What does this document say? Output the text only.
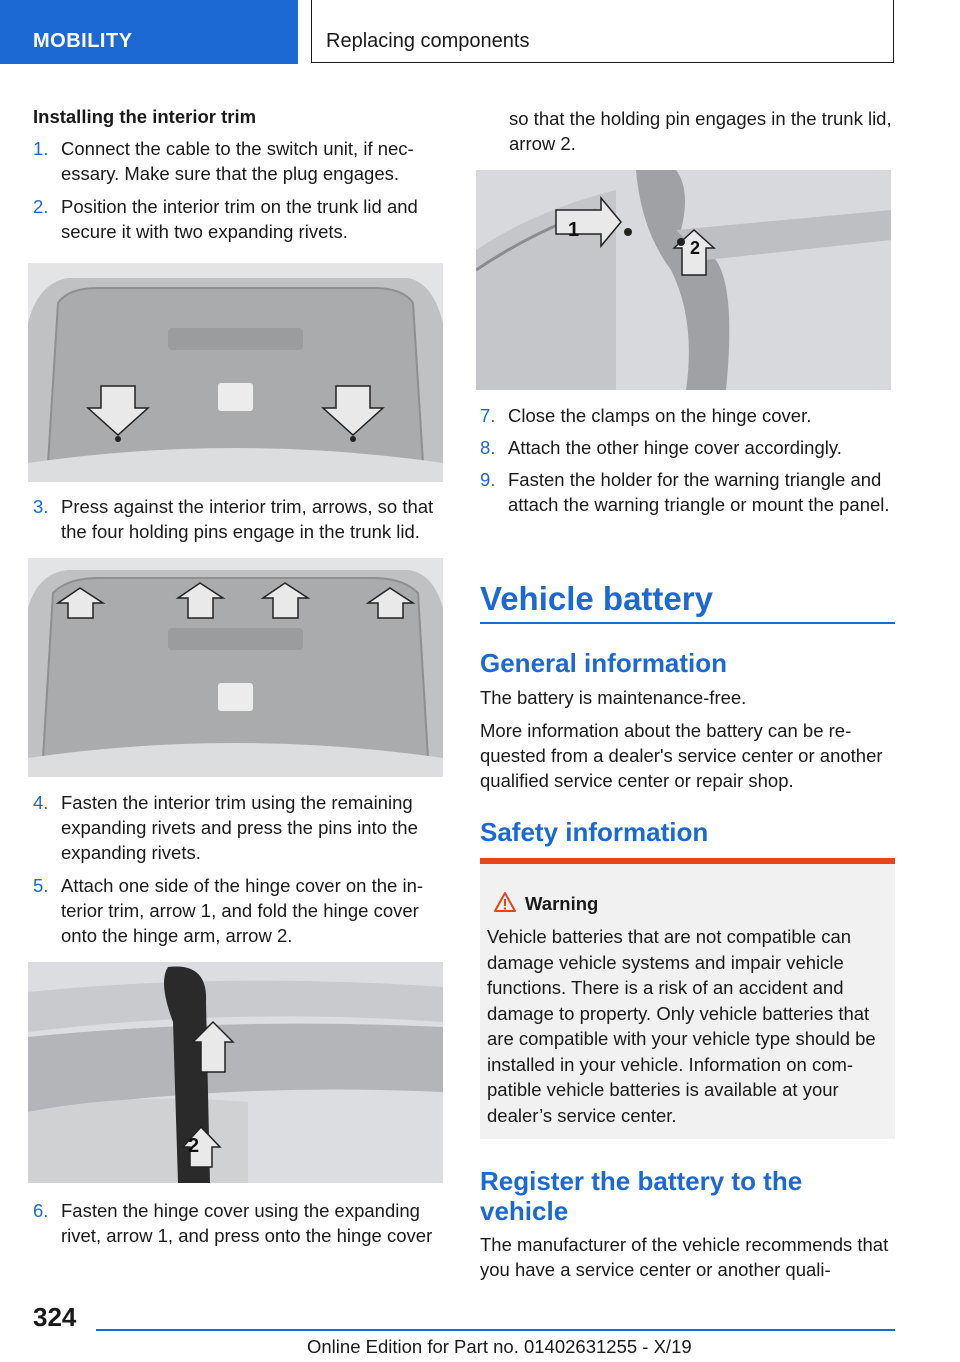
MOBILITY	Replacing components
Installing the interior trim
1. Connect the cable to the switch unit, if nec-essary. Make sure that the plug engages.
2. Position the interior trim on the trunk lid and secure it with two expanding rivets.
3. Press against the interior trim, arrows, so that the four holding pins engage in the trunk lid.
4. Fasten the interior trim using the remaining expanding rivets and press the pins into the expanding rivets.
5. Attach one side of the hinge cover on the in-terior trim, arrow 1, and fold the hinge cover onto the hinge arm, arrow 2.
2
6. Fasten the hinge cover using the expanding rivet, arrow 1, and press onto the hinge cover
so that the holding pin engages in the trunk lid, arrow 2.
1
2
7. Close the clamps on the hinge cover.
8. Attach the other hinge cover accordingly.
9. Fasten the holder for the warning triangle and attach the warning triangle or mount the panel.
Vehicle battery
General information
The battery is maintenance-free.
More information about the battery can be re-quested from a dealer's service center or another qualified service center or repair shop.
Safety information
Warning
Vehicle batteries that are not compatible can damage vehicle systems and impair vehicle functions. There is a risk of an accident and damage to property. Only vehicle batteries that are compatible with your vehicle type should be installed in your vehicle. Information on com-patible vehicle batteries is available at your dealer’s service center.
Register the battery to the vehicle
The manufacturer of the vehicle recommends that you have a service center or another quali-
324
Online Edition for Part no. 01402631255 - X/19
